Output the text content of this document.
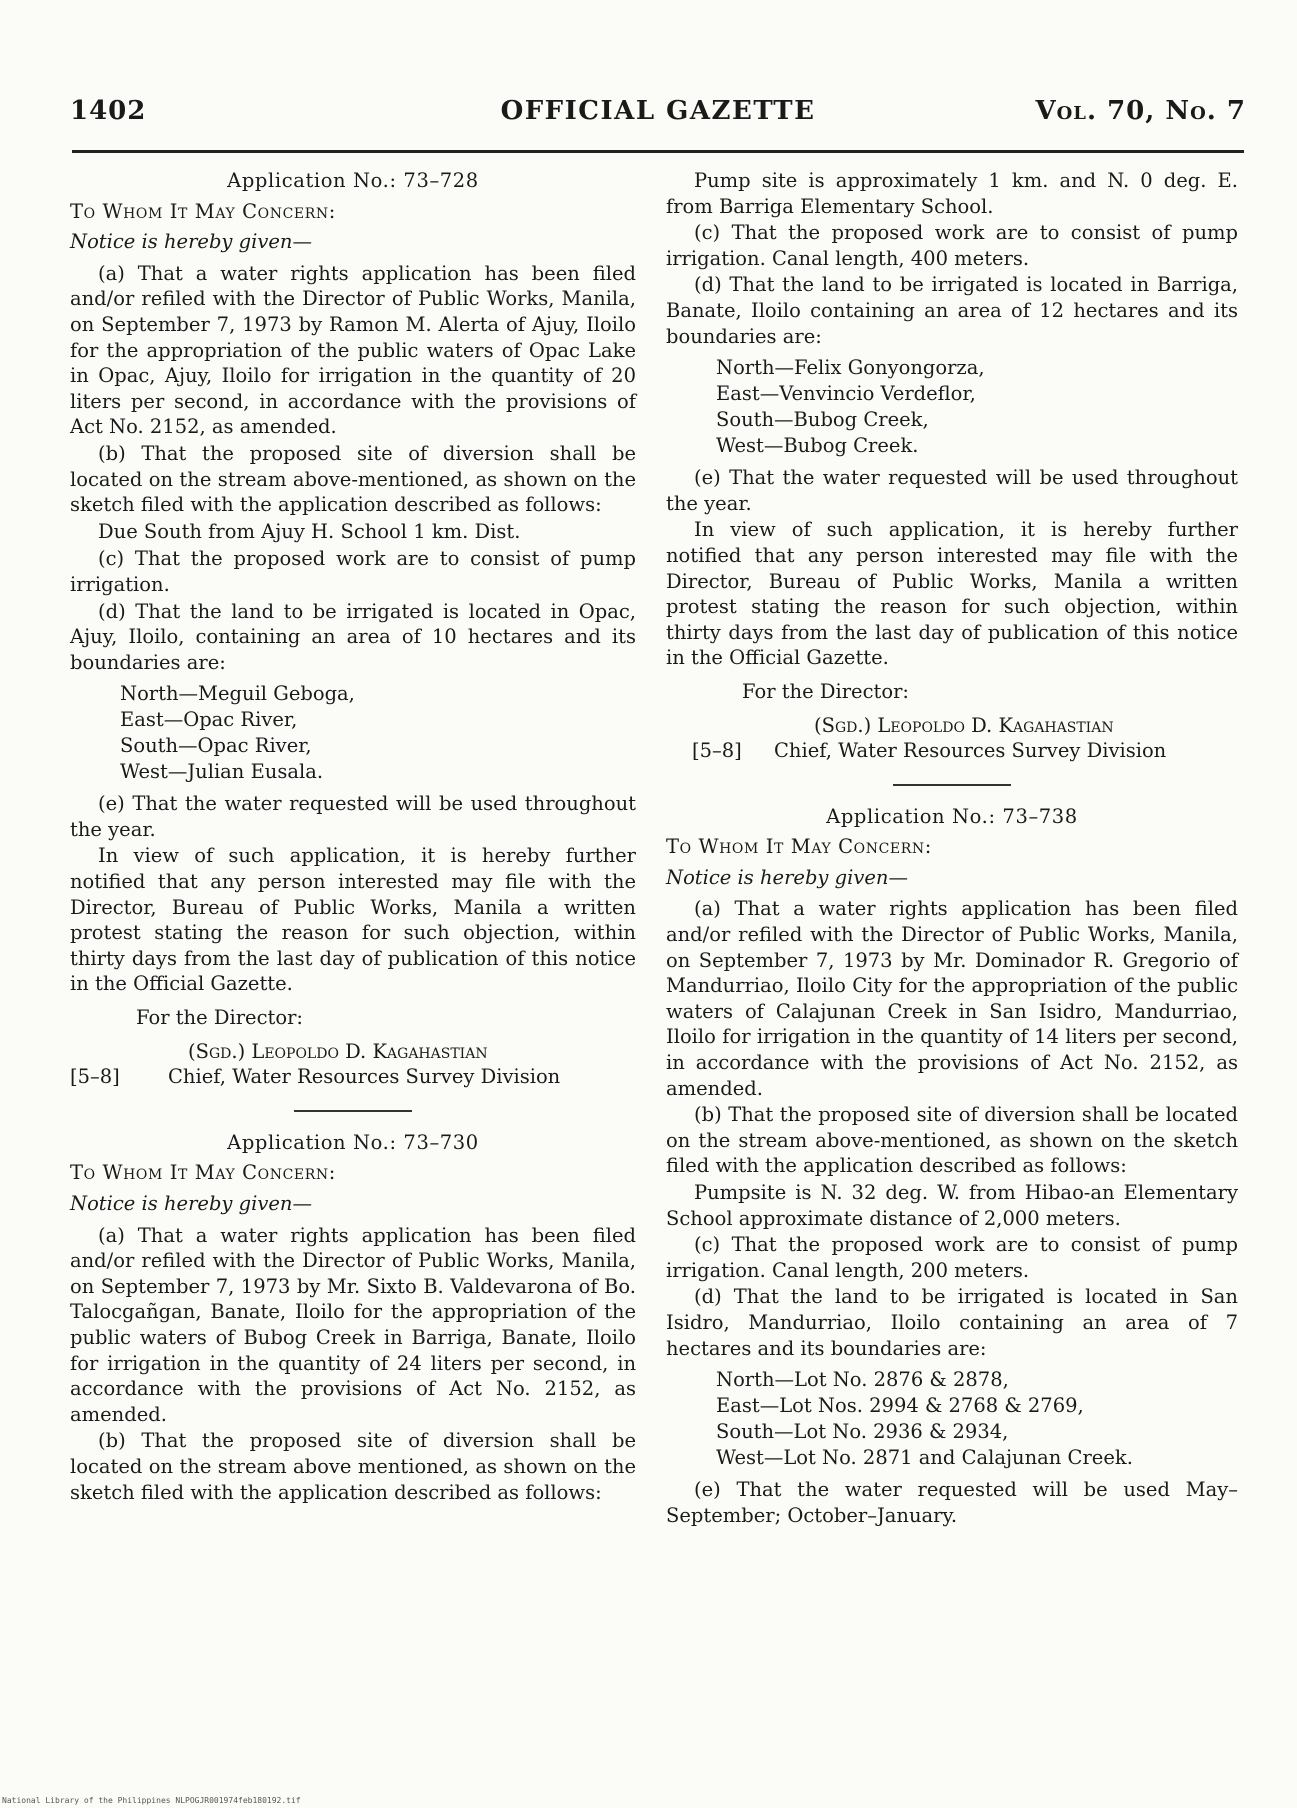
1402	OFFICIAL GAZETTE	Vol. 70, No. 7
Application No.: 73–728
To Whom It May Concern:
Notice is hereby given—

(a) That a water rights application has been filed and/or refiled with the Director of Public Works, Manila, on September 7, 1973 by Ramon M. Alerta of Ajuy, Iloilo for the appropriation of the public waters of Opac Lake in Opac, Ajuy, Iloilo for irrigation in the quantity of 20 liters per second, in accordance with the provisions of Act No. 2152, as amended.

(b) That the proposed site of diversion shall be located on the stream above-mentioned, as shown on the sketch filed with the application described as follows:

Due South from Ajuy H. School 1 km. Dist.

(c) That the proposed work are to consist of pump irrigation.

(d) That the land to be irrigated is located in Opac, Ajuy, Iloilo, containing an area of 10 hectares and its boundaries are:

North—Meguil Geboga,
East—Opac River,
South—Opac River,
West—Julian Eusala.

(e) That the water requested will be used throughout the year.

In view of such application, it is hereby further notified that any person interested may file with the Director, Bureau of Public Works, Manila a written protest stating the reason for such objection, within thirty days from the last day of publication of this notice in the Official Gazette.

For the Director:
(Sgd.) Leopoldo D. Kagahastian
[5–8]	Chief, Water Resources Survey Division
Application No.: 73–730
To Whom It May Concern:
Notice is hereby given—

(a) That a water rights application has been filed and/or refiled with the Director of Public Works, Manila, on September 7, 1973 by Mr. Sixto B. Valdevarona of Bo. Talocgañgan, Banate, Iloilo for the appropriation of the public waters of Bubog Creek in Barriga, Banate, Iloilo for irrigation in the quantity of 24 liters per second, in accordance with the provisions of Act No. 2152, as amended.

(b) That the proposed site of diversion shall be located on the stream above mentioned, as shown on the sketch filed with the application described as follows:

Pump site is approximately 1 km. and N. 0 deg. E. from Barriga Elementary School.

(c) That the proposed work are to consist of pump irrigation. Canal length, 400 meters.

(d) That the land to be irrigated is located in Barriga, Banate, Iloilo containing an area of 12 hectares and its boundaries are:

North—Felix Gonyongorza,
East—Venvincio Verdeflor,
South—Bubog Creek,
West—Bubog Creek.

(e) That the water requested will be used throughout the year.

In view of such application, it is hereby further notified that any person interested may file with the Director, Bureau of Public Works, Manila a written protest stating the reason for such objection, within thirty days from the last day of publication of this notice in the Official Gazette.

For the Director:
(Sgd.) Leopoldo D. Kagahastian
[5–8]	Chief, Water Resources Survey Division
Application No.: 73–738
To Whom It May Concern:
Notice is hereby given—

(a) That a water rights application has been filed and/or refiled with the Director of Public Works, Manila, on September 7, 1973 by Mr. Dominador R. Gregorio of Mandurriao, Iloilo City for the appropriation of the public waters of Calajunan Creek in San Isidro, Mandurriao, Iloilo for irrigation in the quantity of 14 liters per second, in accordance with the provisions of Act No. 2152, as amended.

(b) That the proposed site of diversion shall be located on the stream above-mentioned, as shown on the sketch filed with the application described as follows:

Pumpsite is N. 32 deg. W. from Hibao-an Elementary School approximate distance of 2,000 meters.

(c) That the proposed work are to consist of pump irrigation. Canal length, 200 meters.

(d) That the land to be irrigated is located in San Isidro, Mandurriao, Iloilo containing an area of 7 hectares and its boundaries are:

North—Lot No. 2876 & 2878,
East—Lot Nos. 2994 & 2768 & 2769,
South—Lot No. 2936 & 2934,
West—Lot No. 2871 and Calajunan Creek.

(e) That the water requested will be used May–September; October–January.

National Library of the Philippines NLPOGJR001974feb180192.tif
